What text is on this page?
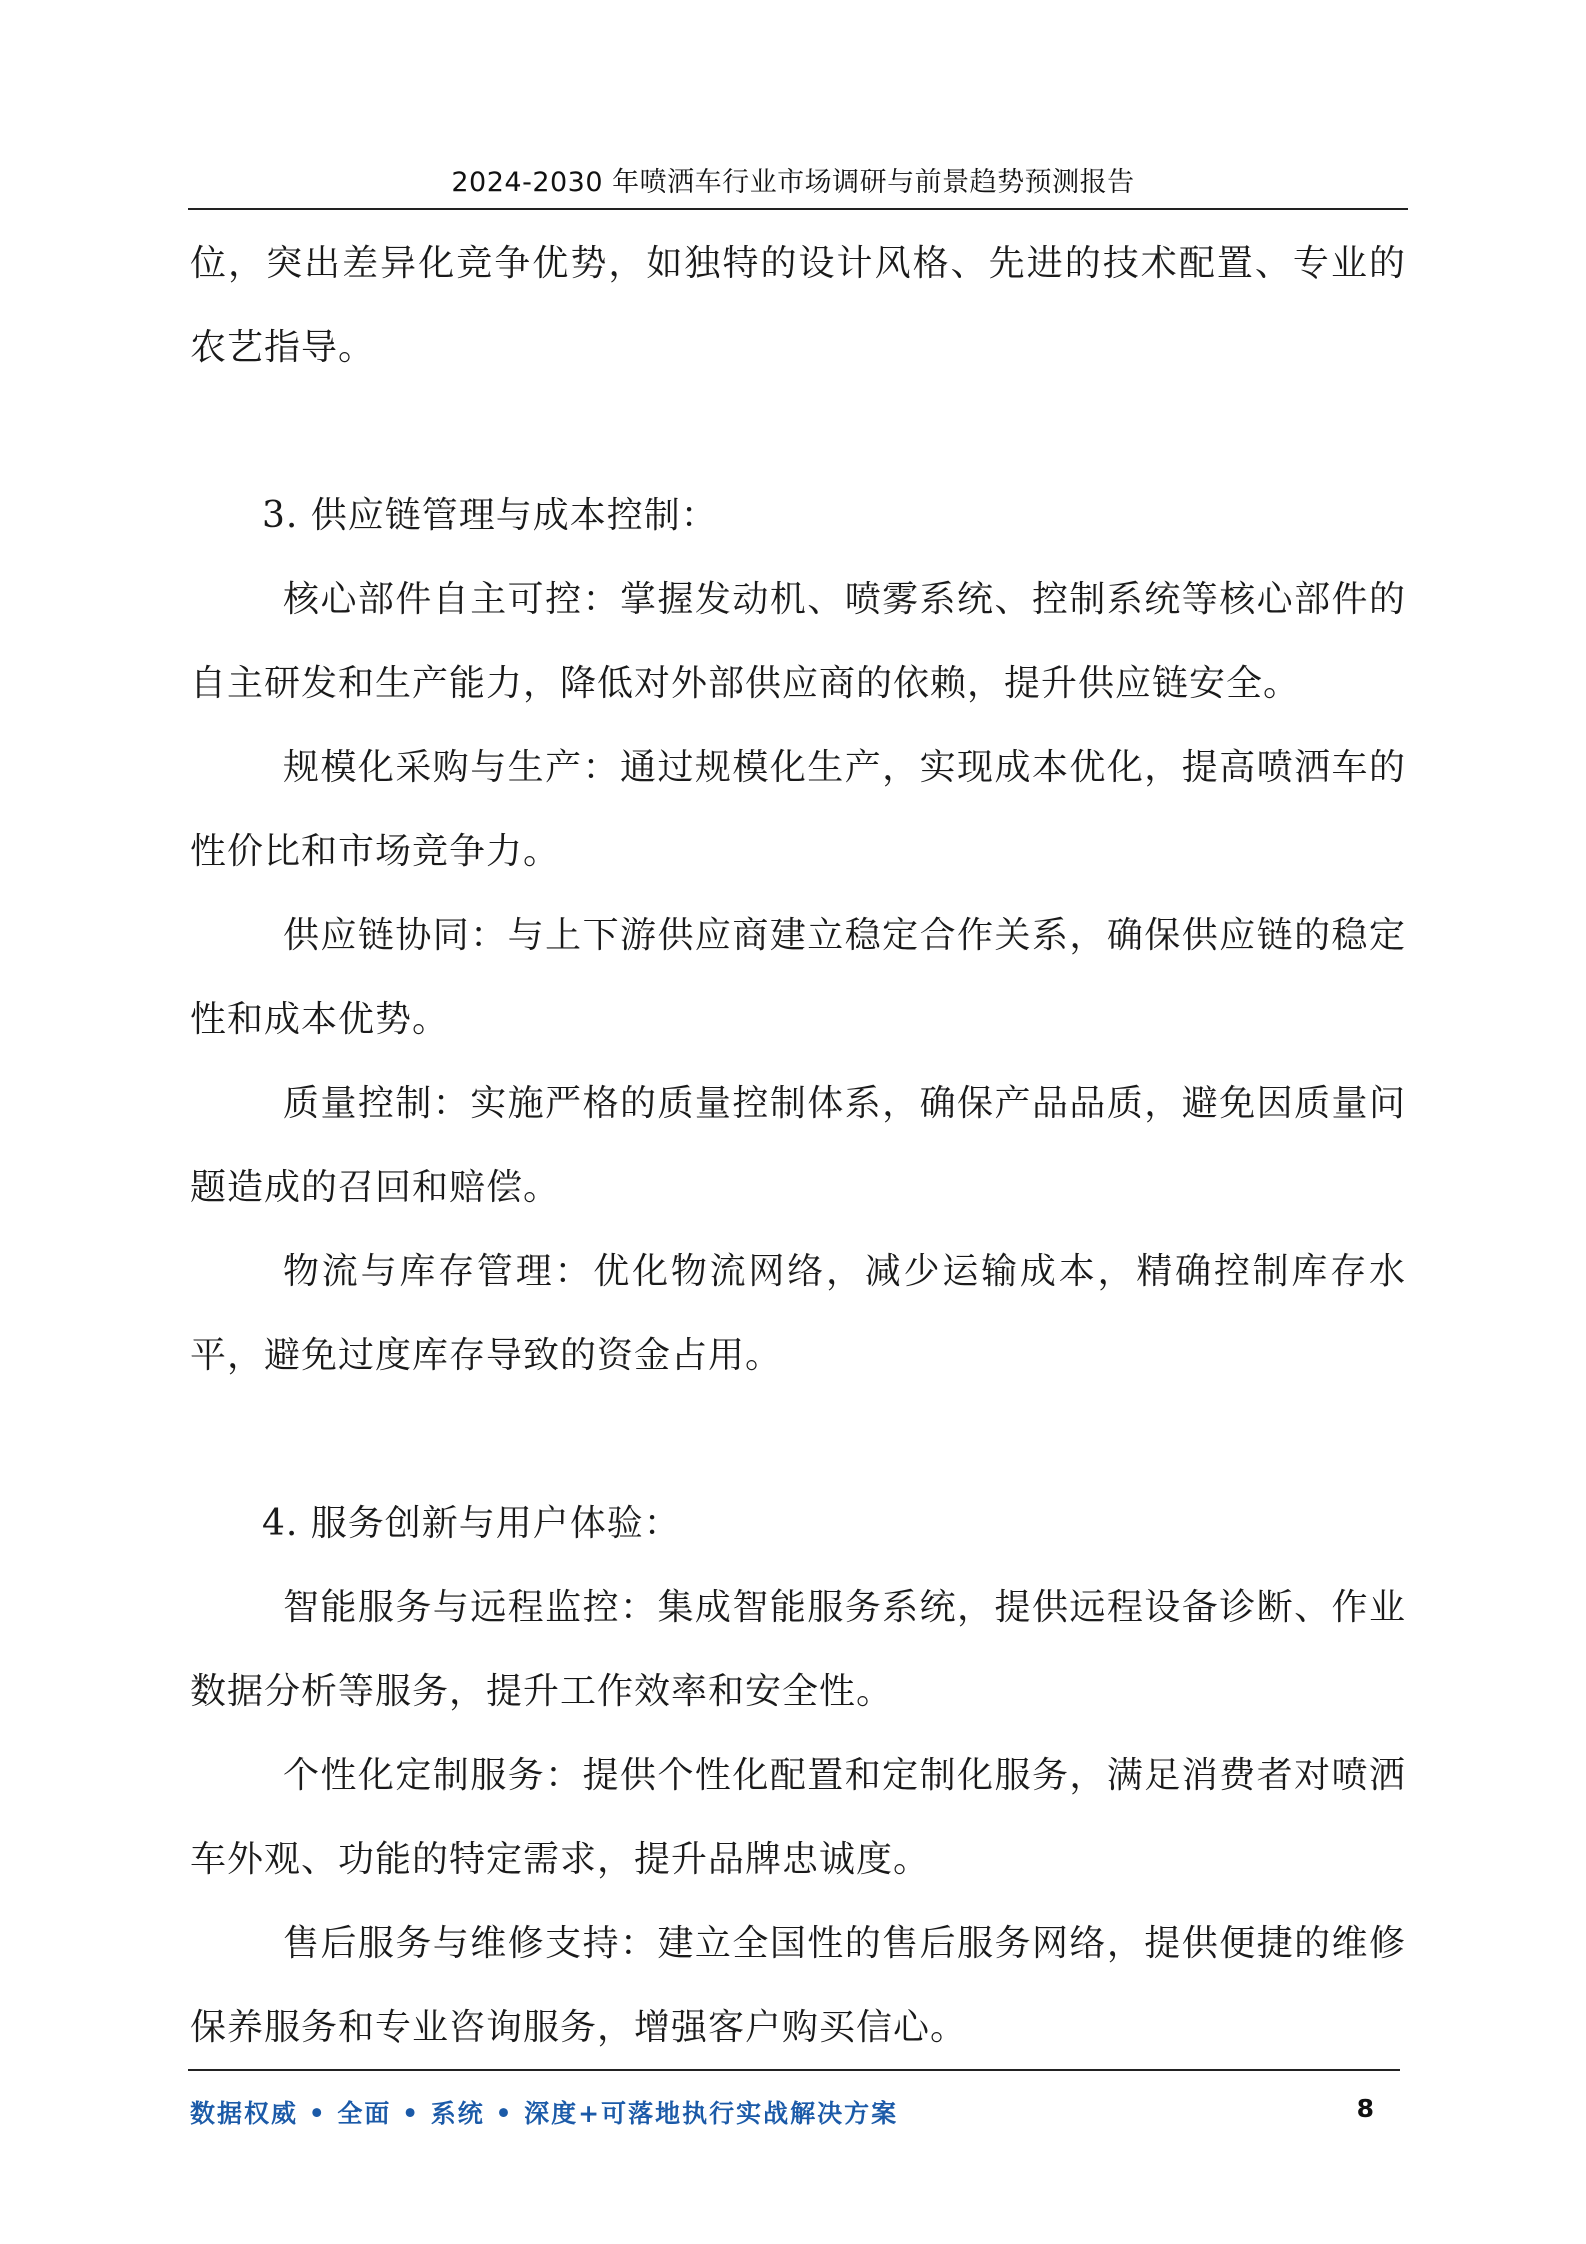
2024-2030 年喷洒车行业市场调研与前景趋势预测报告

位，突出差异化竞争优势，如独特的设计风格、先进的技术配置、专业的农艺指导。

3. 供应链管理与成本控制：

核心部件自主可控：掌握发动机、喷雾系统、控制系统等核心部件的自主研发和生产能力，降低对外部供应商的依赖，提升供应链安全。

规模化采购与生产：通过规模化生产，实现成本优化，提高喷洒车的性价比和市场竞争力。

供应链协同：与上下游供应商建立稳定合作关系，确保供应链的稳定性和成本优势。

质量控制：实施严格的质量控制体系，确保产品品质，避免因质量问题造成的召回和赔偿。

物流与库存管理：优化物流网络，减少运输成本，精确控制库存水平，避免过度库存导致的资金占用。

4. 服务创新与用户体验：

智能服务与远程监控：集成智能服务系统，提供远程设备诊断、作业数据分析等服务，提升工作效率和安全性。

个性化定制服务：提供个性化配置和定制化服务，满足消费者对喷洒车外观、功能的特定需求，提升品牌忠诚度。

售后服务与维修支持：建立全国性的售后服务网络，提供便捷的维修保养服务和专业咨询服务，增强客户购买信心。

数据权威 • 全面 • 系统 • 深度+可落地执行实战解决方案	8
